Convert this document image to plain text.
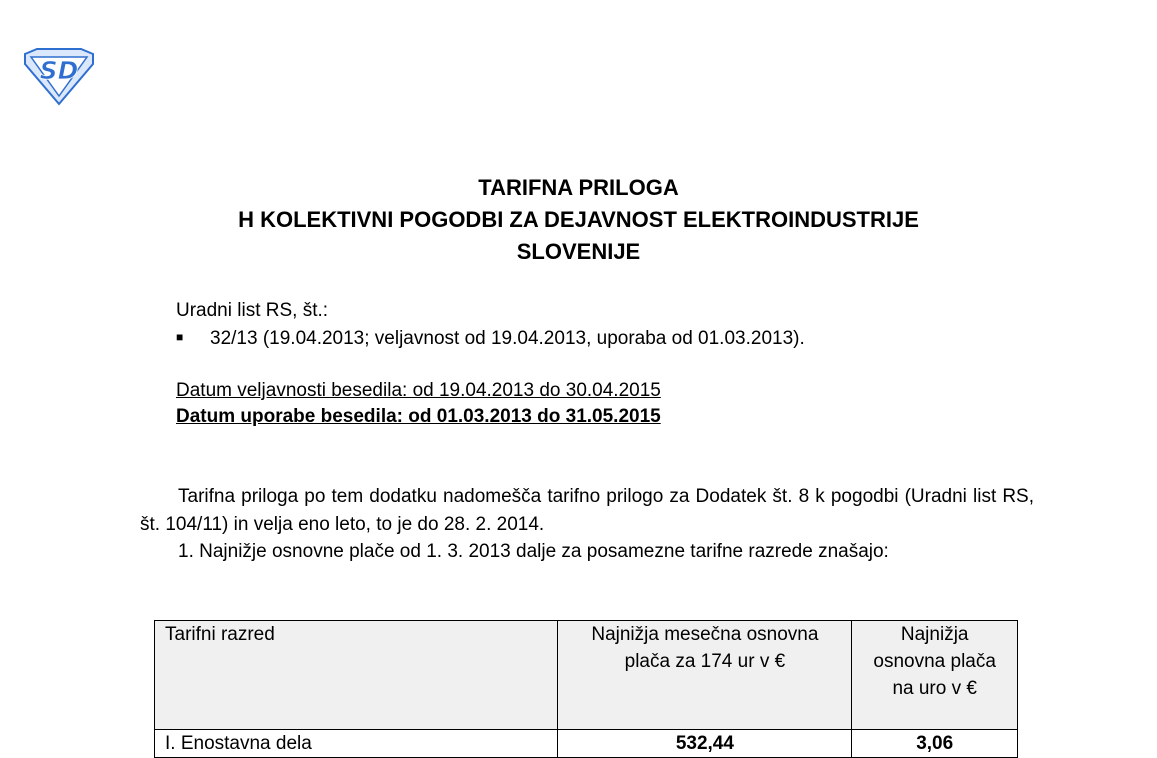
SD
TARIFNA PRILOGA
H KOLEKTIVNI POGODBI ZA DEJAVNOST ELEKTROINDUSTRIJE
SLOVENIJE
Uradni list RS, št.:
■ 32/13 (19.04.2013; veljavnost od 19.04.2013, uporaba od 01.03.2013).
Datum veljavnosti besedila: od 19.04.2013 do 30.04.2015
Datum uporabe besedila: od 01.03.2013 do 31.05.2015

Tarifna priloga po tem dodatku nadomešča tarifno prilogo za Dodatek št. 8 k pogodbi (Uradni list RS, št. 104/11) in velja eno leto, to je do 28. 2. 2014.

1. Najnižje osnovne plače od 1. 3. 2013 dalje za posamezne tarifne razrede znašajo:

Tarifni razred	Najnižja mesečna osnovna plača za 174 ur v €	Najnižja osnovna plača na uro v €
I. Enostavna dela	532,44	3,06
